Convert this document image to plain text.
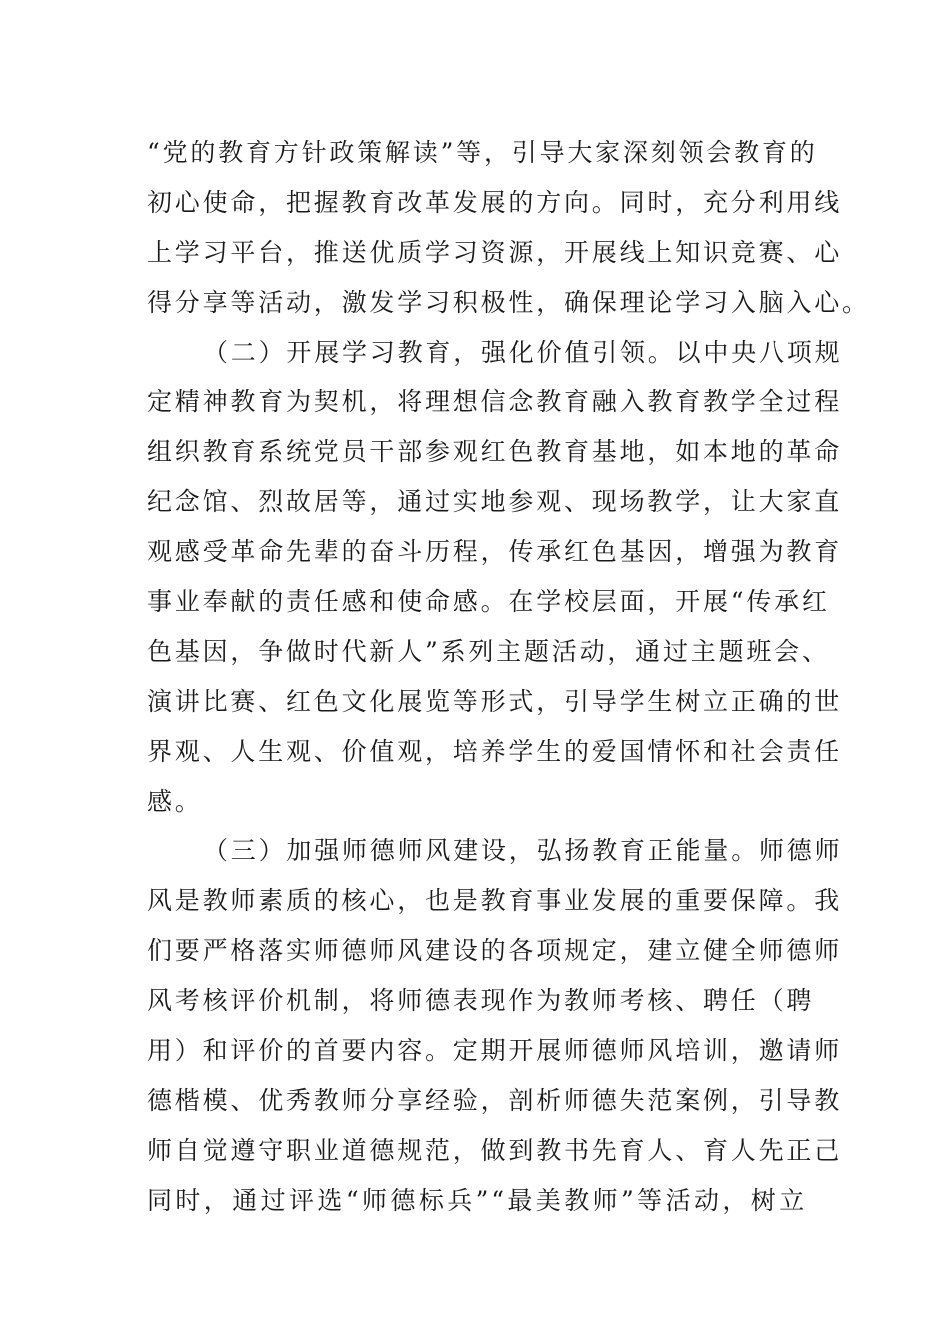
“党的教育方针政策解读”等，引导大家深刻领会教育的
初心使命，把握教育改革发展的方向。同时，充分利用线
上学习平台，推送优质学习资源，开展线上知识竞赛、心
得分享等活动，激发学习积极性，确保理论学习入脑入心。
（二）开展学习教育，强化价值引领。以中央八项规
定精神教育为契机，将理想信念教育融入教育教学全过程
组织教育系统党员干部参观红色教育基地，如本地的革命
纪念馆、烈故居等，通过实地参观、现场教学，让大家直
观感受革命先辈的奋斗历程，传承红色基因，增强为教育
事业奉献的责任感和使命感。在学校层面，开展“传承红
色基因，争做时代新人”系列主题活动，通过主题班会、
演讲比赛、红色文化展览等形式，引导学生树立正确的世
界观、人生观、价值观，培养学生的爱国情怀和社会责任
感。
（三）加强师德师风建设，弘扬教育正能量。师德师
风是教师素质的核心，也是教育事业发展的重要保障。我
们要严格落实师德师风建设的各项规定，建立健全师德师
风考核评价机制，将师德表现作为教师考核、聘任（聘
用）和评价的首要内容。定期开展师德师风培训，邀请师
德楷模、优秀教师分享经验，剖析师德失范案例，引导教
师自觉遵守职业道德规范，做到教书先育人、育人先正己
同时，通过评选“师德标兵”“最美教师”等活动，树立
